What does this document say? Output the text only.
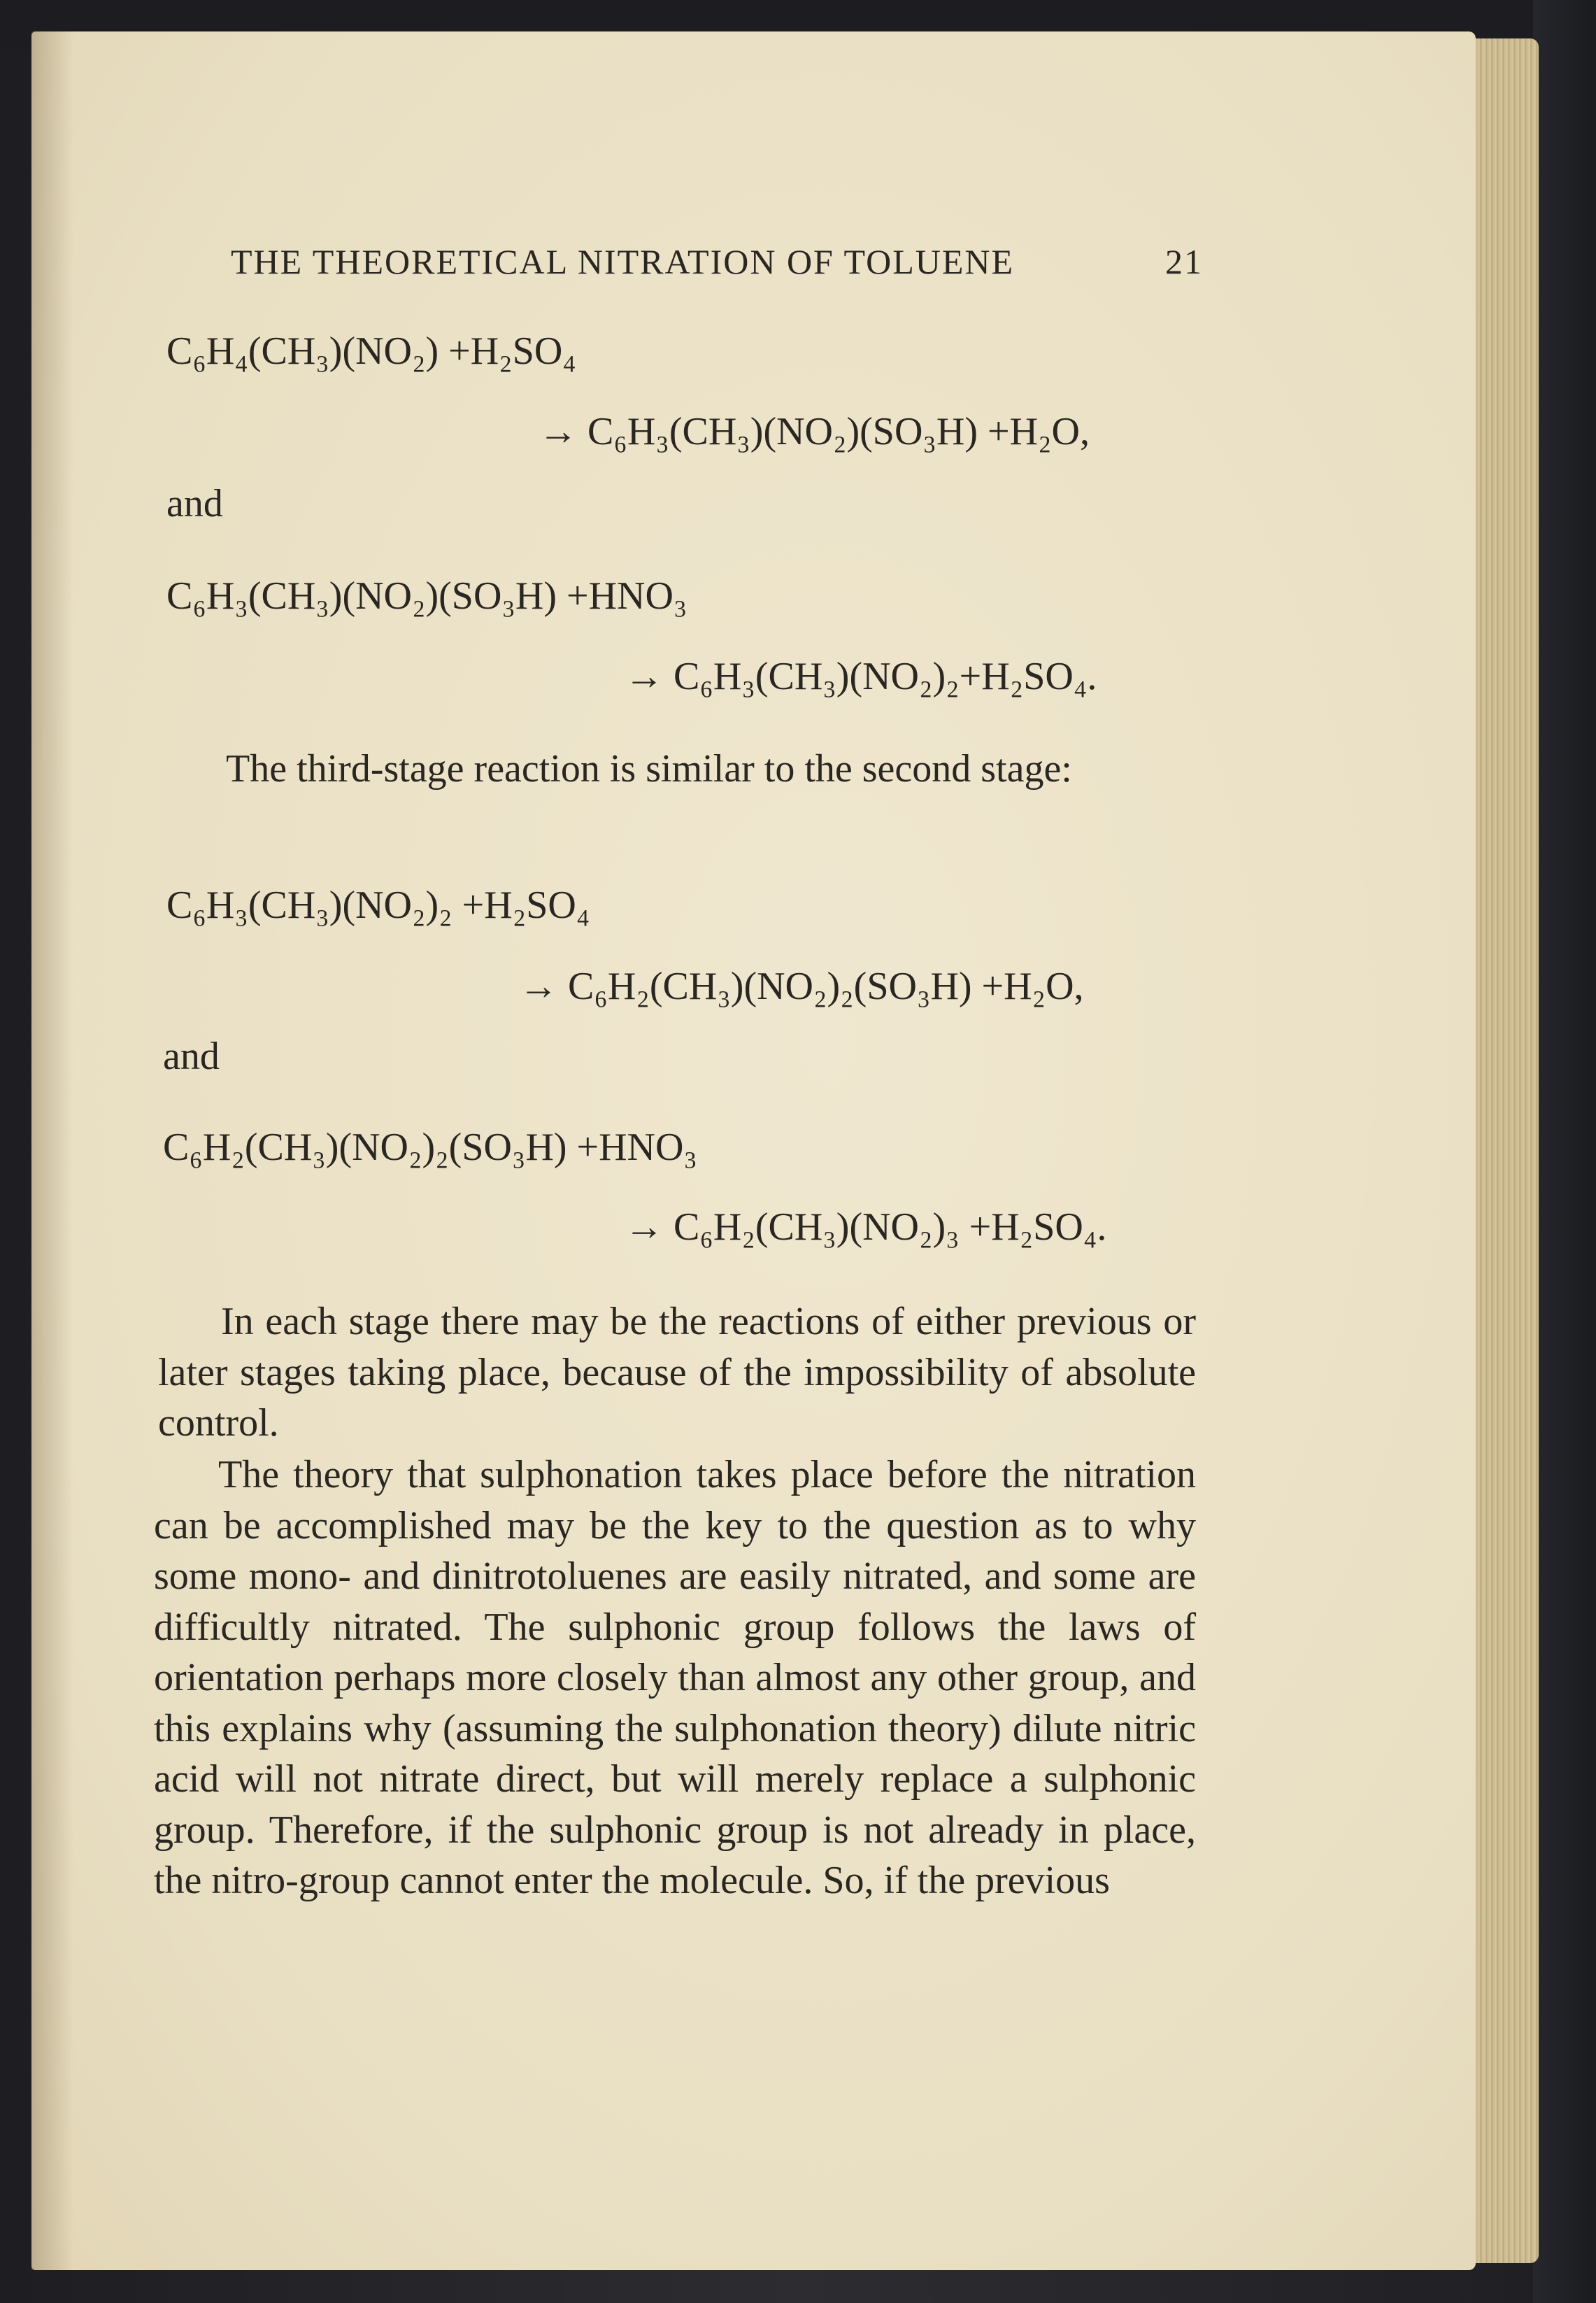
THE THEORETICAL NITRATION OF TOLUENE	21
C₆H₄(CH₃)(NO₂) +H₂SO₄
→ C₆H₃(CH₃)(NO₂)(SO₃H) +H₂O,
and
C₆H₃(CH₃)(NO₂)(SO₃H) +HNO₃
→ C₆H₃(CH₃)(NO₂)₂+H₂SO₄.
The third-stage reaction is similar to the second stage:
C₆H₃(CH₃)(NO₂)₂ +H₂SO₄
→ C₆H₂(CH₃)(NO₂)₂(SO₃H) +H₂O,
and
C₆H₂(CH₃)(NO₂)₂(SO₃H) +HNO₃
→ C₆H₂(CH₃)(NO₂)₃ +H₂SO₄.
In each stage there may be the reactions of either previous or later stages taking place, because of the impossibility of absolute control.
The theory that sulphonation takes place before the nitration can be accomplished may be the key to the question as to why some mono- and dinitrotoluenes are easily nitrated, and some are difficultly nitrated. The sulphonic group follows the laws of orientation perhaps more closely than almost any other group, and this explains why (assuming the sulphonation theory) dilute nitric acid will not nitrate direct, but will merely replace a sulphonic group. Therefore, if the sulphonic group is not already in place, the nitro-group cannot enter the molecule. So, if the previous
